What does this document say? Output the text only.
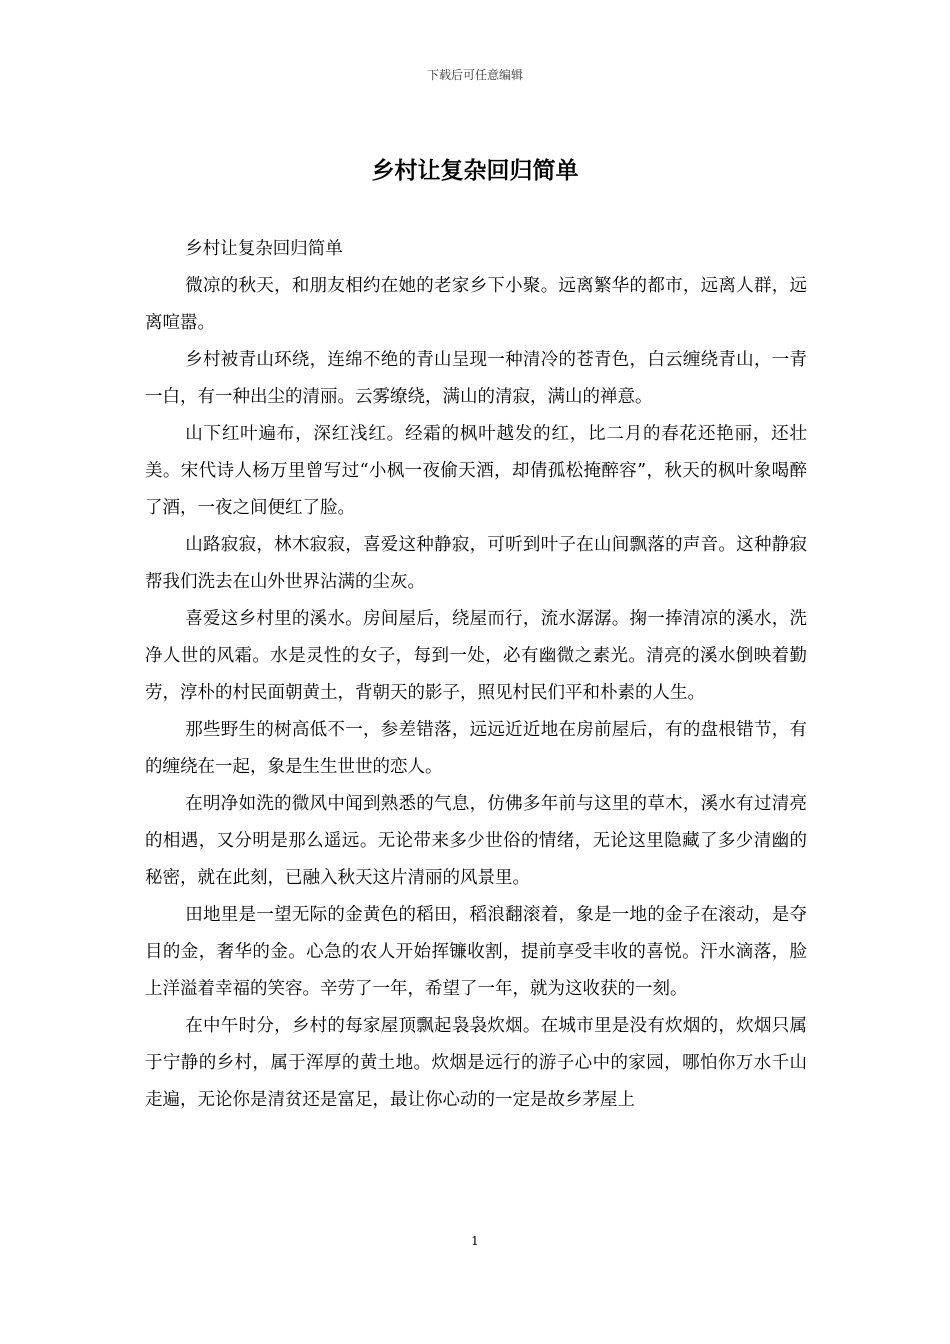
下载后可任意编辑
乡村让复杂回归简单

乡村让复杂回归简单

微凉的秋天，和朋友相约在她的老家乡下小聚。远离繁华的都市，远离人群，远离喧嚣。

乡村被青山环绕，连绵不绝的青山呈现一种清冷的苍青色，白云缠绕青山，一青一白，有一种出尘的清丽。云雾缭绕，满山的清寂，满山的禅意。

山下红叶遍布，深红浅红。经霜的枫叶越发的红，比二月的春花还艳丽，还壮美。宋代诗人杨万里曾写过“小枫一夜偷天酒，却倩孤松掩醉容”，秋天的枫叶象喝醉了酒，一夜之间便红了脸。

山路寂寂，林木寂寂，喜爱这种静寂，可听到叶子在山间飘落的声音。这种静寂帮我们洗去在山外世界沾满的尘灰。

喜爱这乡村里的溪水。房间屋后，绕屋而行，流水潺潺。掬一捧清凉的溪水，洗净人世的风霜。水是灵性的女子，每到一处，必有幽微之素光。清亮的溪水倒映着勤劳，淳朴的村民面朝黄土，背朝天的影子，照见村民们平和朴素的人生。

那些野生的树高低不一，参差错落，远远近近地在房前屋后，有的盘根错节，有的缠绕在一起，象是生生世世的恋人。

在明净如洗的微风中闻到熟悉的气息，仿佛多年前与这里的草木，溪水有过清亮的相遇，又分明是那么遥远。无论带来多少世俗的情绪，无论这里隐藏了多少清幽的秘密，就在此刻，已融入秋天这片清丽的风景里。

田地里是一望无际的金黄色的稻田，稻浪翻滚着，象是一地的金子在滚动，是夺目的金，奢华的金。心急的农人开始挥镰收割，提前享受丰收的喜悦。汗水滴落，脸上洋溢着幸福的笑容。辛劳了一年，希望了一年，就为这收获的一刻。

在中午时分，乡村的每家屋顶飘起袅袅炊烟。在城市里是没有炊烟的，炊烟只属于宁静的乡村，属于浑厚的黄土地。炊烟是远行的游子心中的家园，哪怕你万水千山走遍，无论你是清贫还是富足，最让你心动的一定是故乡茅屋上

1
